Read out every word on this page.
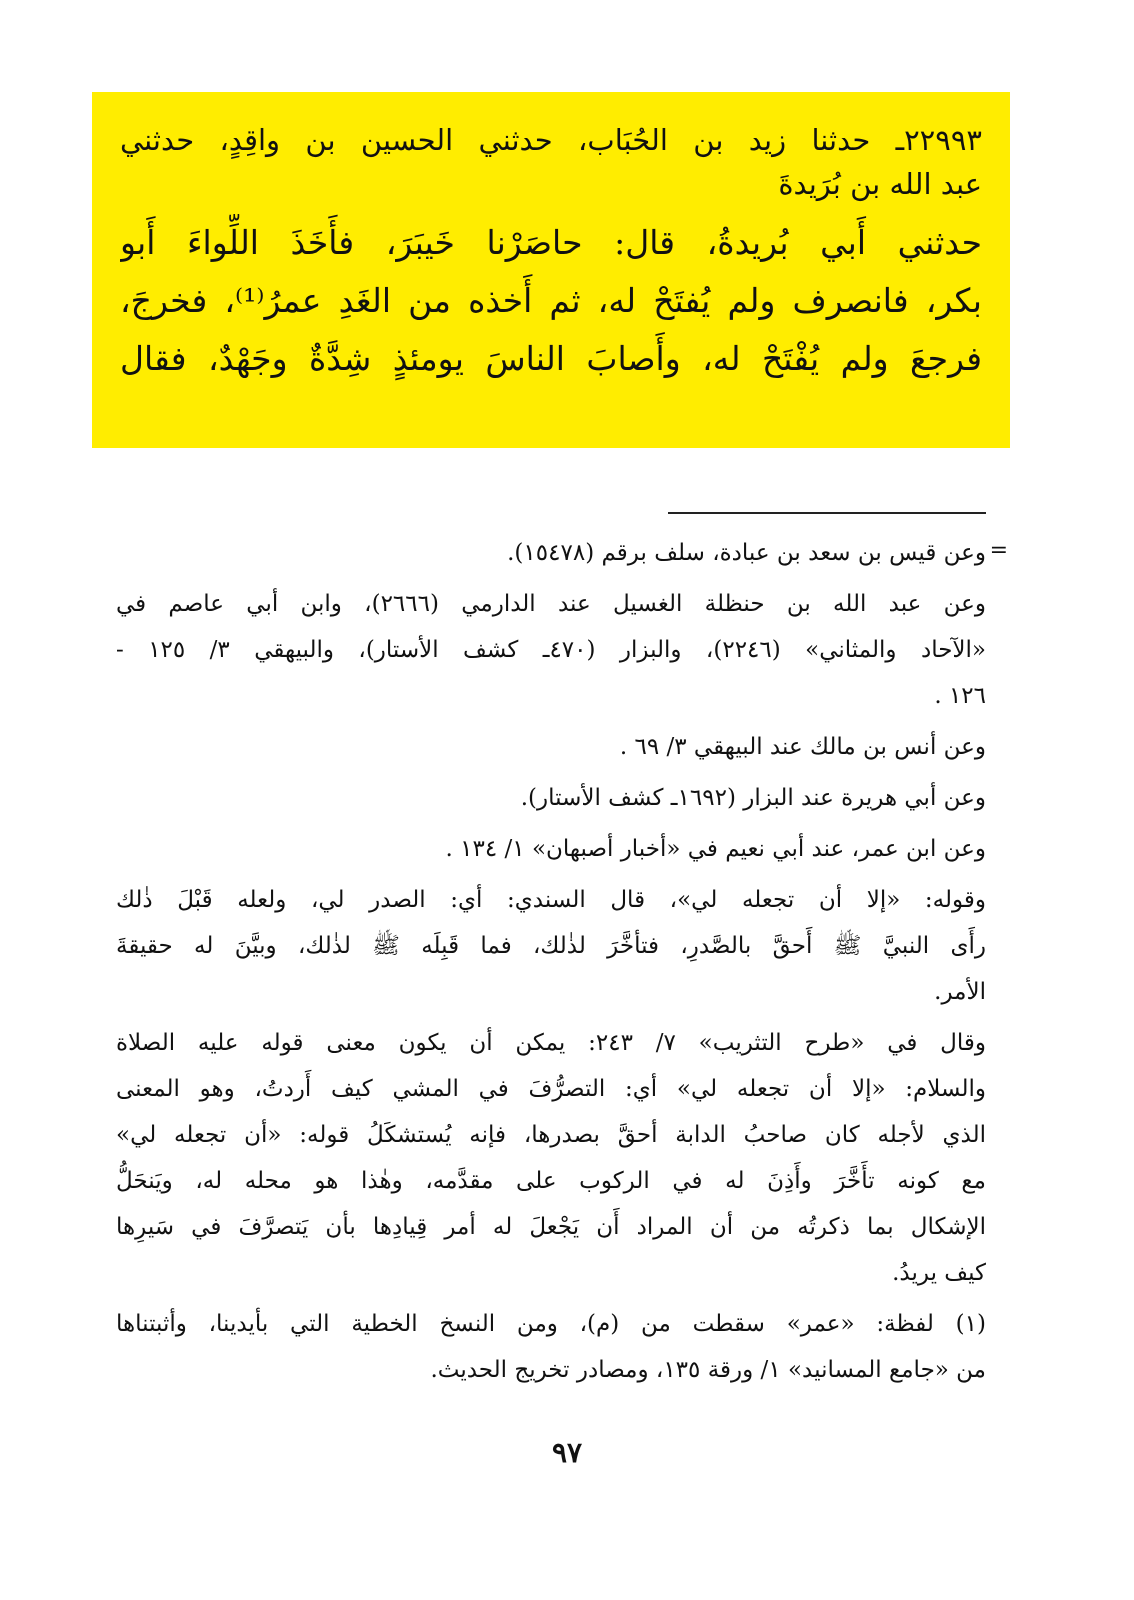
٢٢٩٩٣ـ حدثنا زيد بن الحُبَاب، حدثني الحسين بن واقِدٍ، حدثني
عبد الله بن بُرَيدةَ
حدثني أَبي بُريدةُ، قال: حاصَرْنا خَيبَرَ، فأَخَذَ اللِّواءَ أَبو
بكر، فانصرف ولم يُفتَحْ له، ثم أَخذه من الغَدِ عمرُ⁽¹⁾، فخرجَ،
فرجعَ ولم يُفْتَحْ له، وأَصابَ الناسَ يومئذٍ شِدَّةٌ وجَهْدٌ، فقال
=
وعن قيس بن سعد بن عبادة، سلف برقم (١٥٤٧٨).
وعن عبد الله بن حنظلة الغسيل عند الدارمي (٢٦٦٦)، وابن أبي عاصم في
«الآحاد والمثاني» (٢٢٤٦)، والبزار (٤٧٠ـ كشف الأستار)، والبيهقي ٣/ ١٢٥ -
١٢٦ .
وعن أنس بن مالك عند البيهقي ٣/ ٦٩ .
وعن أبي هريرة عند البزار (١٦٩٢ـ كشف الأستار).
وعن ابن عمر، عند أبي نعيم في «أخبار أصبهان» ١/ ١٣٤ .
وقوله: «إلا أن تجعله لي»، قال السندي: أي: الصدر لي، ولعله قَبْلَ ذٰلك
رأَى النبيَّ ﷺ أَحقَّ بالصَّدرِ، فتأخَّرَ لذٰلك، فما قَبِلَه ﷺ لذٰلك، وبيَّنَ له حقيقةَ
الأمر.
وقال في «طرح التثريب» ٧/ ٢٤٣: يمكن أن يكون معنى قوله عليه الصلاة
والسلام: «إلا أن تجعله لي» أي: التصرُّفَ في المشي كيف أَردتُ، وهو المعنى
الذي لأجله كان صاحبُ الدابة أحقَّ بصدرها، فإنه يُستشكَلُ قوله: «أن تجعله لي»
مع كونه تأَخَّرَ وأَذِنَ له في الركوب على مقدَّمه، وهٰذا هو محله له، ويَنحَلُّ
الإشكال بما ذكرتُه من أن المراد أَن يَجْعلَ له أمر قِيادِها بأن يَتصرَّفَ في سَيرِها
كيف يريدُ.
(١) لفظة: «عمر» سقطت من (م)، ومن النسخ الخطية التي بأيدينا، وأثبتناها
من «جامع المسانيد» ١/ ورقة ١٣٥، ومصادر تخريج الحديث.
٩٧
